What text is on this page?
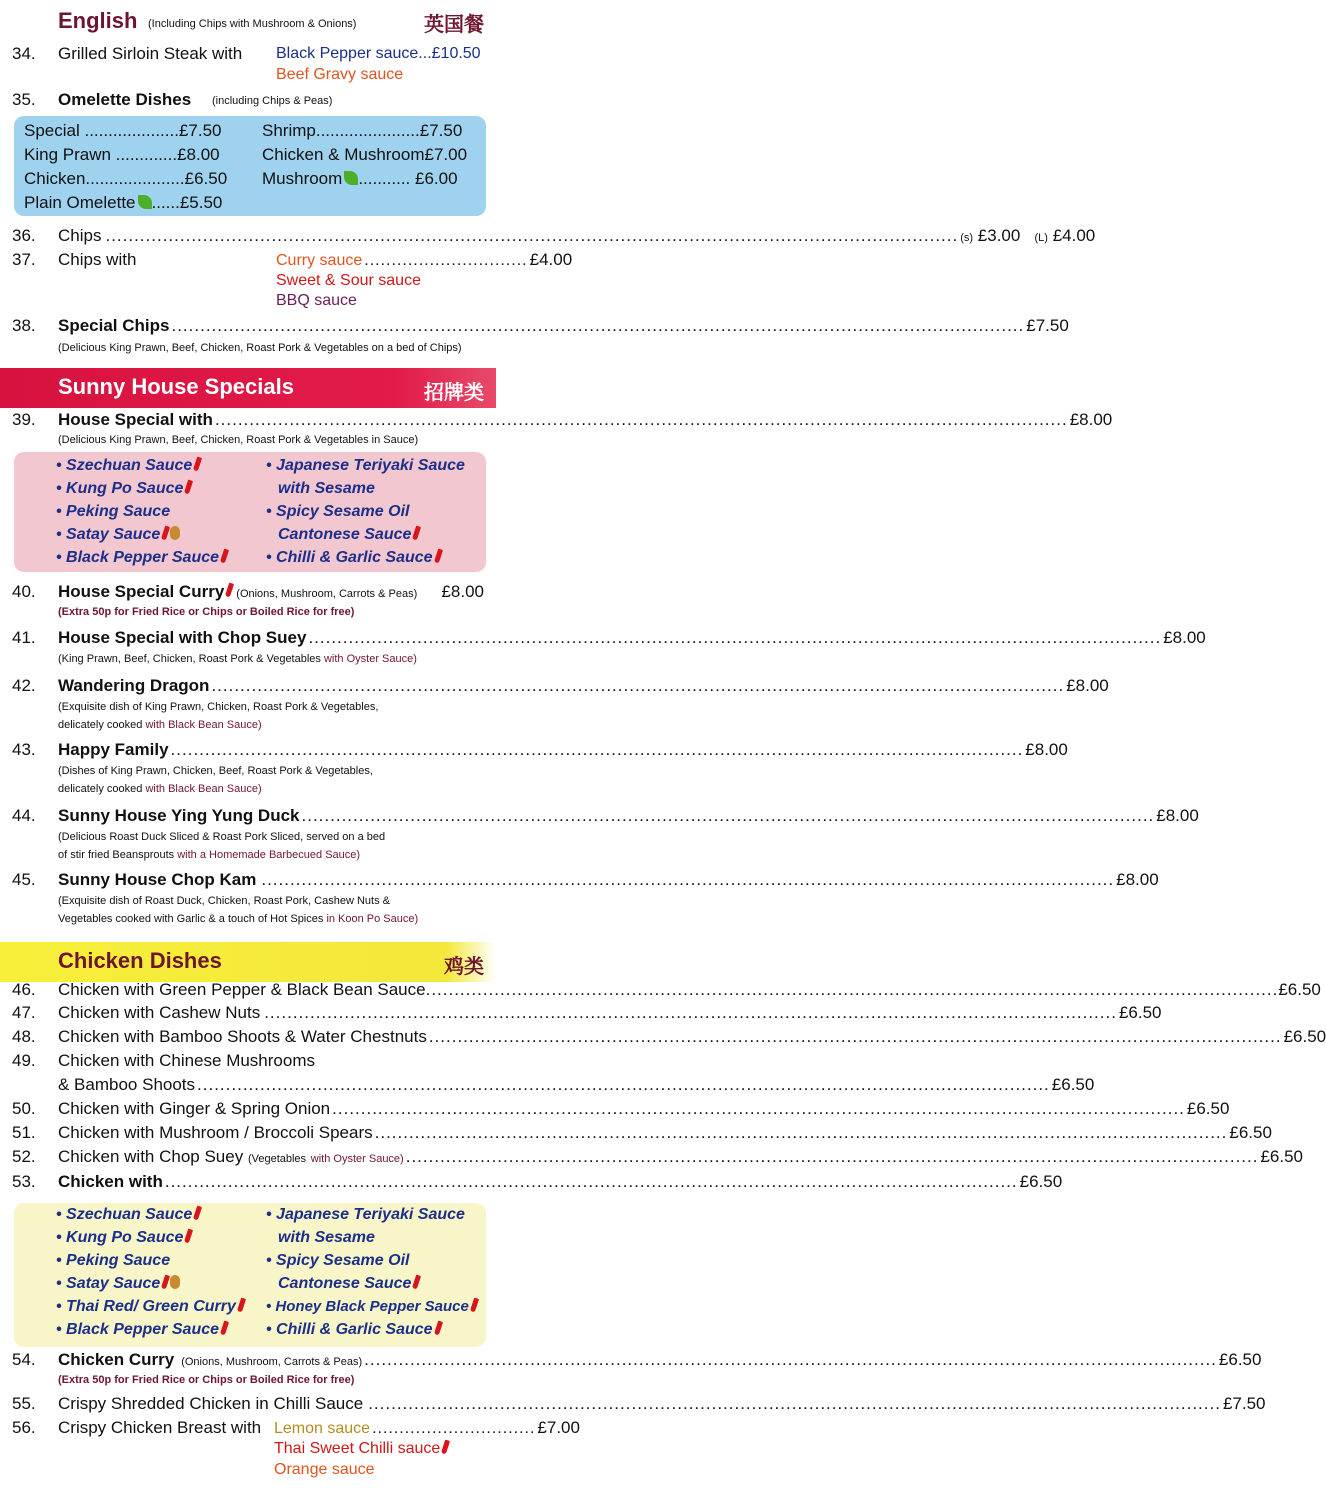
English (Including Chips with Mushroom & Onions)	英国餐
34.	Grilled Sirloin Steak with Black Pepper sauce...£10.50
Beef Gravy sauce
35.	Omelette Dishes (including Chips & Peas)
Special ....................£7.50
King Prawn .............£8.00
Chicken.....................£6.50
Plain Omelette ......£5.50
Shrimp......................£7.50
Chicken & Mushroom£7.00
Mushroom ........... £6.00
36.	Chips .....	(s) £3.00 (L) £4.00
37.	Chips with	Curry sauce .............................. £4.00
Sweet & Sour sauce
BBQ sauce
38.	Special Chips .....	£7.50
(Delicious King Prawn, Beef, Chicken, Roast Pork & Vegetables on a bed of Chips)
Sunny House Specials	招牌类
39.	House Special with .....	£8.00
(Delicious King Prawn, Beef, Chicken, Roast Pork & Vegetables in Sauce)
• Szechuan Sauce
• Kung Po Sauce
• Peking Sauce
• Satay Sauce
• Black Pepper Sauce
• Japanese Teriyaki Sauce
with Sesame
• Spicy Sesame Oil
Cantonese Sauce
• Chilli & Garlic Sauce
40.	House Special Curry (Onions, Mushroom, Carrots & Peas) £8.00
(Extra 50p for Fried Rice or Chips or Boiled Rice for free)
41.	House Special with Chop Suey .....	£8.00
(King Prawn, Beef, Chicken, Roast Pork & Vegetables with Oyster Sauce)
42.	Wandering Dragon .....	£8.00
(Exquisite dish of King Prawn, Chicken, Roast Pork & Vegetables,
delicately cooked with Black Bean Sauce)
43.	Happy Family .....	£8.00
(Dishes of King Prawn, Chicken, Beef, Roast Pork & Vegetables,
delicately cooked with Black Bean Sauce)
44.	Sunny House Ying Yung Duck .....	£8.00
(Delicious Roast Duck Sliced & Roast Pork Sliced, served on a bed
of stir fried Beansprouts with a Homemade Barbecued Sauce)
45.	Sunny House Chop Kam .....	£8.00
(Exquisite dish of Roast Duck, Chicken, Roast Pork, Cashew Nuts &
Vegetables cooked with Garlic & a touch of Hot Spices in Koon Po Sauce)
Chicken Dishes	鸡类
46.	Chicken with Green Pepper & Black Bean Sauce .....	£6.50
47.	Chicken with Cashew Nuts .....	£6.50
48.	Chicken with Bamboo Shoots & Water Chestnuts .....	£6.50
49.	Chicken with Chinese Mushrooms
& Bamboo Shoots .....	£6.50
50.	Chicken with Ginger & Spring Onion .....	£6.50
51.	Chicken with Mushroom / Broccoli Spears .....	£6.50
52.	Chicken with Chop Suey
(Vegetables
with Oyster Sauce) .....	£6.50
53.	Chicken with .....	£6.50
• Szechuan Sauce
• Kung Po Sauce
• Peking Sauce
• Satay Sauce
• Thai Red/ Green Curry
• Black Pepper Sauce
• Japanese Teriyaki Sauce
with Sesame
• Spicy Sesame Oil
Cantonese Sauce
• Honey Black Pepper Sauce
• Chilli & Garlic Sauce
54.	Chicken Curry (Onions, Mushroom, Carrots & Peas) .....	£6.50
(Extra 50p for Fried Rice or Chips or Boiled Rice for free)
55.	Crispy Shredded Chicken in Chilli Sauce .....	£7.50
56.	Crispy Chicken Breast with Lemon sauce .............................. £7.00
Thai Sweet Chilli sauce
Orange sauce
